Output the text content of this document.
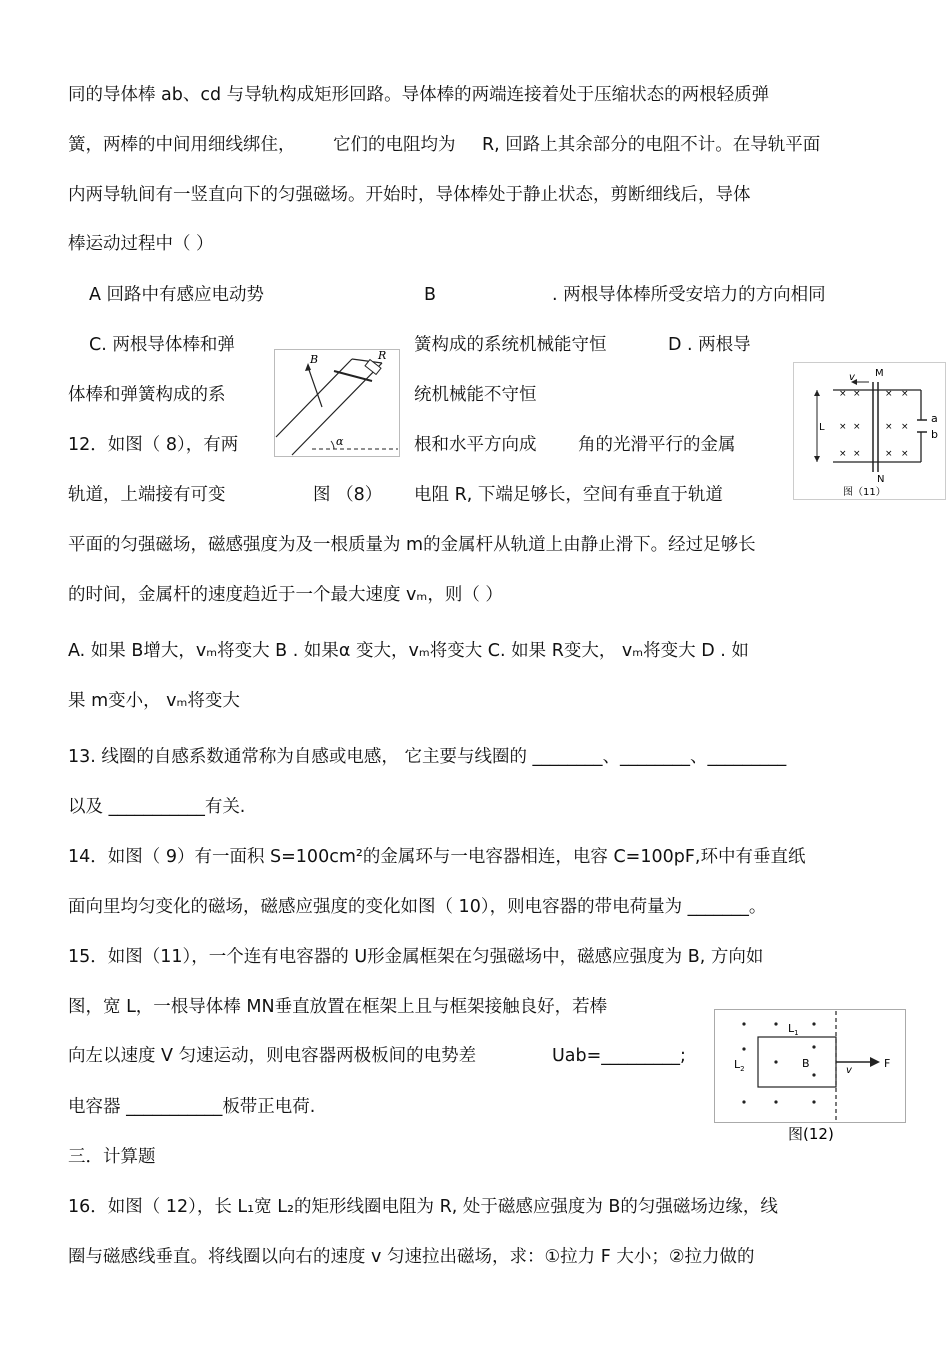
同的导体棒 ab、cd 与导轨构成矩形回路。导体棒的两端连接着处于压缩状态的两根轻质弹
簧，两棒的中间用细线绑住， 它们的电阻均为 R, 回路上其余部分的电阻不计。在导轨平面
内两导轨间有一竖直向下的匀强磁场。开始时，导体棒处于静止状态，剪断细线后，导体
棒运动过程中（ ）
A 回路中有感应电动势	B	. 两根导体棒所受安培力的方向相同
C. 两根导体棒和弹	簧构成的系统机械能守恒	D . 两根导
体棒和弹簧构成的系	统机械能不守恒
12．如图（ 8），有两	根和水平方向成 角的光滑平行的金属
轨道，上端接有可变	图 （8） 电阻 R, 下端足够长，空间有垂直于轨道
平面的匀强磁场，磁感强度为及一根质量为 m的金属杆从轨道上由静止滑下。经过足够长
的时间，金属杆的速度趋近于一个最大速度 vₘ，则（ ）
A. 如果 B增大，vₘ将变大 B . 如果α 变大，vₘ将变大 C. 如果 R变大， vₘ将变大 D . 如
果 m变小， vₘ将变大
13. 线圈的自感系数通常称为自感或电感， 它主要与线圈的 ________、________、_________
以及 ___________有关.
14．如图（ 9）有一面积 S=100cm²的金属环与一电容器相连，电容 C=100pF,环中有垂直纸
面向里均匀变化的磁场，磁感应强度的变化如图（ 10），则电容器的带电荷量为 _______。
15．如图（11），一个连有电容器的 U形金属框架在匀强磁场中，磁感应强度为 B, 方向如
图，宽 L，一根导体棒 MN垂直放置在框架上且与框架接触良好，若棒
向左以速度 V 匀速运动，则电容器两极板间的电势差	Uab=_________;
电容器 ___________板带正电荷.
三．计算题
16．如图（ 12），长 L₁宽 L₂的矩形线圈电阻为 R, 处于磁感应强度为 B的匀强磁场边缘，线
圈与磁感线垂直。将线圈以向右的速度 v 匀速拉出磁场，求：①拉力 F 大小；②拉力做的
B	R
α
× ×	× ×
× ×	× ×
× ×	× ×
v M
N
L
a
b
图（11）
$L_1$
$L_2$	B
v
F
图(12)
